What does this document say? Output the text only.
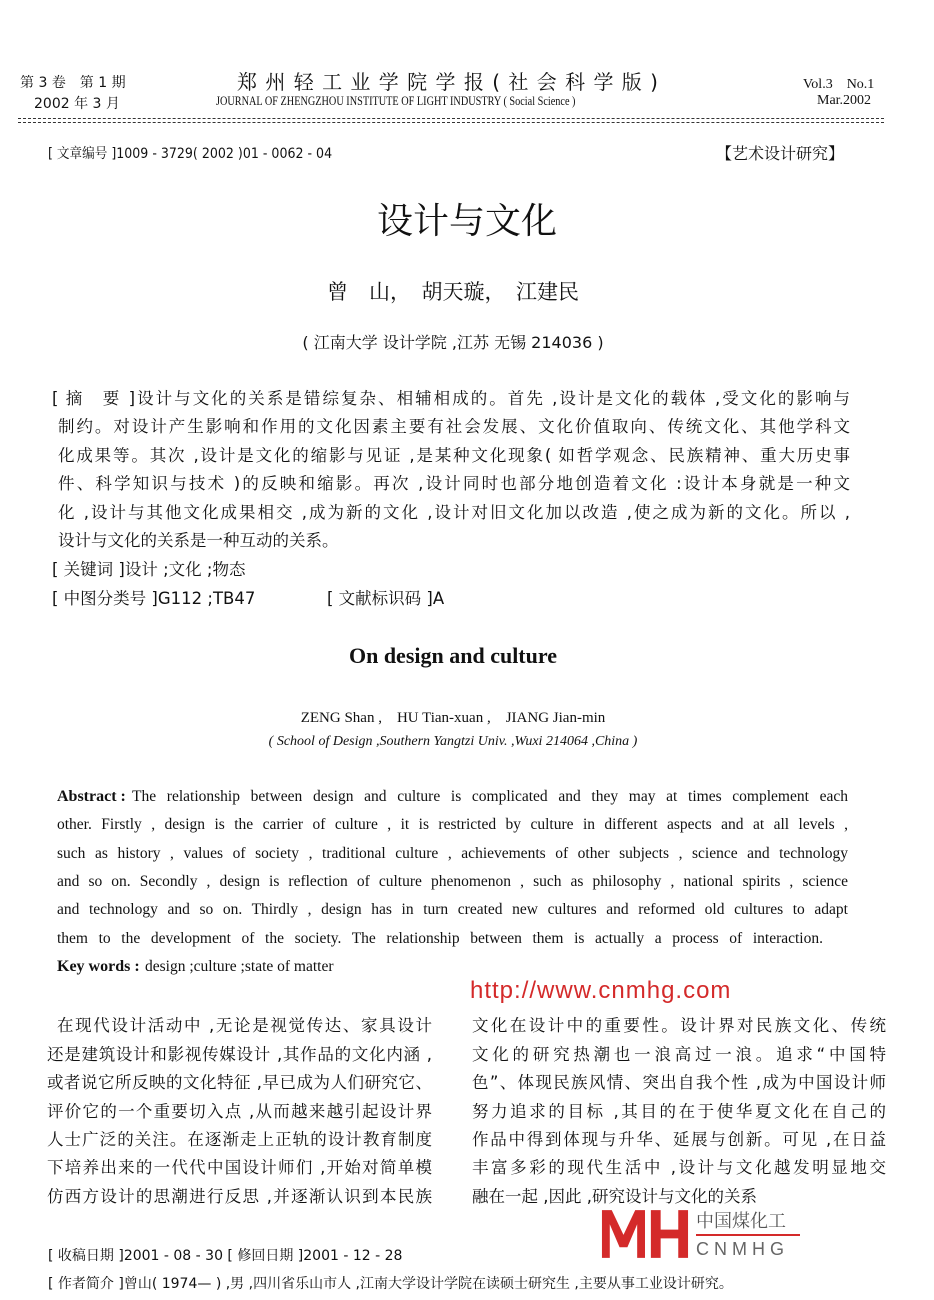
第 3 卷　第 1 期
2002 年 3 月
郑 州 轻 工 业 学 院 学 报 ( 社 会 科 学 版 )
JOURNAL OF ZHENGZHOU INSTITUTE OF LIGHT INDUSTRY ( Social Science )
Vol.3　No.1
Mar.2002
[ 文章编号 ]1009 - 3729( 2002 )01 - 0062 - 04	【艺术设计研究】
设计与文化
曾　山，　胡天璇，　江建民
( 江南大学 设计学院 ,江苏 无锡 214036 )
[ 摘　要 ]设计与文化的关系是错综复杂、相辅相成的。首先 ,设计是文化的载体 ,受文化的影响与
制约。对设计产生影响和作用的文化因素主要有社会发展、文化价值取向、传统文化、其他学科文
化成果等。其次 ,设计是文化的缩影与见证 ,是某种文化现象( 如哲学观念、民族精神、重大历史事
件、科学知识与技术 )的反映和缩影。再次 ,设计同时也部分地创造着文化 :设计本身就是一种文
化 ,设计与其他文化成果相交 ,成为新的文化 ,设计对旧文化加以改造 ,使之成为新的文化。所以 ,
设计与文化的关系是一种互动的关系。
[ 关键词 ]设计 ;文化 ;物态
[ 中图分类号 ]G112 ;TB47	[ 文献标识码 ]A
On design and culture
ZENG Shan ,　HU Tian-xuan ,　JIANG Jian-min
( School of Design ,Southern Yangtzi Univ. ,Wuxi 214064 ,China )
Abstract : The relationship between design and culture is complicated and they may at times complement each
other. Firstly , design is the carrier of culture , it is restricted by culture in different aspects and at all levels ,
such as history , values of society , traditional culture , achievements of other subjects , science and technology
and so on. Secondly , design is reflection of culture phenomenon , such as philosophy , national spirits , science
and technology and so on. Thirdly , design has in turn created new cultures and reformed old cultures to adapt
them to the development of the society. The relationship between them is actually a process of interaction.
Key words : design ;culture ;state of matter
在现代设计活动中 ,无论是视觉传达、家具设计
还是建筑设计和影视传媒设计 ,其作品的文化内涵 ,
或者说它所反映的文化特征 ,早已成为人们研究它、
评价它的一个重要切入点 ,从而越来越引起设计界
人士广泛的关注。在逐渐走上正轨的设计教育制度
下培养出来的一代代中国设计师们 ,开始对简单模
仿西方设计的思潮进行反思 ,并逐渐认识到本民族
文化在设计中的重要性。设计界对民族文化、传统
文化的研究热潮也一浪高过一浪。追求“中国特
色”、体现民族风情、突出自我个性 ,成为中国设计师
努力追求的目标 ,其目的在于使华夏文化在自己的
作品中得到体现与升华、延展与创新。可见 ,在日益
丰富多彩的现代生活中 ,设计与文化越发明显地交
融在一起 ,因此 ,研究设计与文化的关系
[ 收稿日期 ]2001 - 08 - 30 [ 修回日期 ]2001 - 12 - 28
[ 作者简介 ]曾山( 1974— ) ,男 ,四川省乐山市人 ,江南大学设计学院在读硕士研究生 ,主要从事工业设计研究。
http://www.cnmhg.com
中国煤化工
CNMHG
